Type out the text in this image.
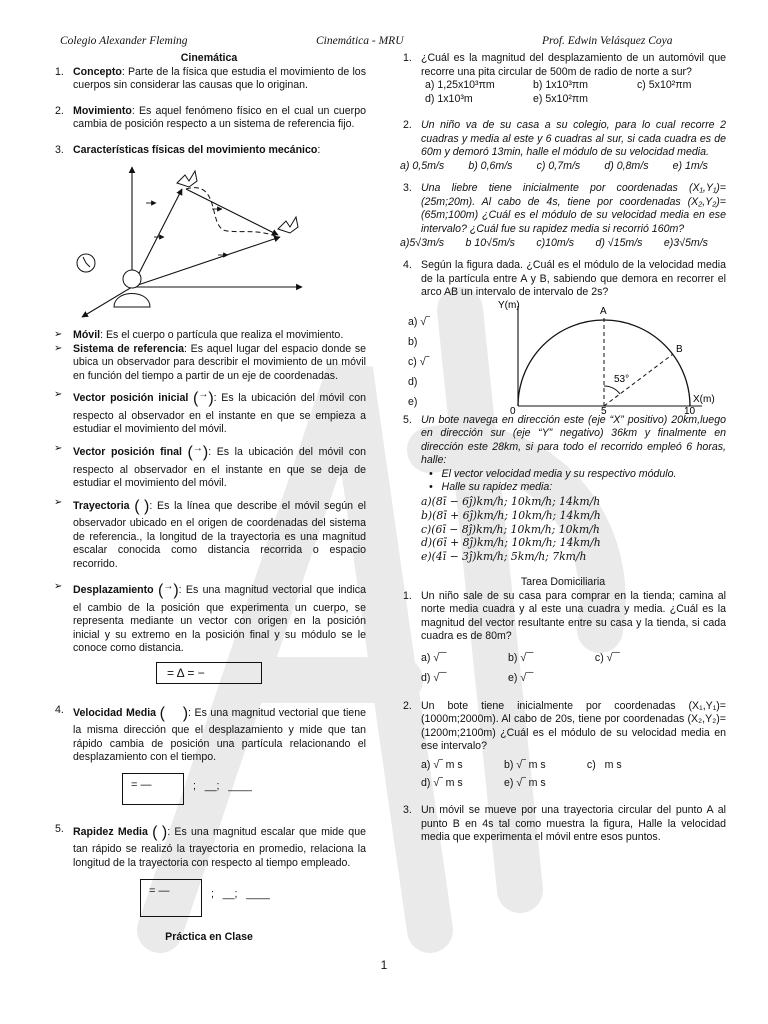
Colegio Alexander Fleming	Cinemática - MRU	Prof. Edwin Velásquez Coya
Cinemática
1. Concepto: Parte de la física que estudia el movimiento de los cuerpos sin considerar las causas que lo originan.
2. Movimiento: Es aquel fenómeno físico en el cual un cuerpo cambia de posición respecto a un sistema de referencia fijo.
3. Características físicas del movimiento mecánico:
➢ Móvil: Es el cuerpo o partícula que realiza el movimiento.
➢ Sistema de referencia: Es aquel lugar del espacio donde se ubica un observador para describir el movimiento de un móvil en función del tiempo a partir de un eje de coordenadas.
➢ Vector posición inicial (→): Es la ubicación del móvil con respecto al observador en el instante en que se empieza a estudiar el movimiento del móvil.
➢ Vector posición final (→): Es la ubicación del móvil con respecto al observador en el instante en que se deja de estudiar el movimiento del móvil.
➢ Trayectoria ( ): Es la línea que describe el móvil según el observador ubicado en el origen de coordenadas del sistema de referencia., la longitud de la trayectoria es una magnitud escalar conocida como distancia recorrida o espacio recorrido.
➢ Desplazamiento (→): Es una magnitud vectorial que indica el cambio de la posición que experimenta un cuerpo, se representa mediante un vector con origen en la posición inicial y su extremo en la posición final y su módulo se le conoce como distancia.
= Δ = −
4. Velocidad Media (    ): Es una magnitud vectorial que tiene la misma dirección que el desplazamiento y mide que tan rápido cambia de posición una partícula relacionando el desplazamiento con el tiempo.
= —	;   __;   ____
5. Rapidez Media ( ): Es una magnitud escalar que mide que tan rápido se realizó la trayectoria en promedio, relaciona la longitud de la trayectoria con respecto al tiempo empleado.
= —	;   __;   ____
Práctica en Clase
1. ¿Cuál es la magnitud del desplazamiento de un automóvil que recorre una pita circular de 500m de radio de norte a sur?
a) 1,25x10³πm	b) 1x10³πm	c) 5x10²πm
d) 1x10³m	e) 5x10²πm
2. Un niño va de su casa a su colegio, para lo cual recorre 2 cuadras y media al este y 6 cuadras al sur, si cada cuadra es de 60m y demoró 13min, halle el módulo de su velocidad media.
a) 0,5m/s b) 0,6m/s c) 0,7m/s d) 0,8m/s e) 1m/s
3. Una liebre tiene inicialmente por coordenadas (X₁,Y₁)=(25m;20m). Al cabo de 4s, tiene por coordenadas (X₂,Y₂)=(65m;100m) ¿Cuál es el módulo de su velocidad media en ese intervalo? ¿Cuál fue su rapidez media si recorrió 160m?
a)5√3m/s b 10√5m/s c)10m/s d) √15m/s e)3√5m/s
4. Según la figura dada. ¿Cuál es el módulo de la velocidad media de la partícula entre A y B, sabiendo que demora en recorrer el arco AB un intervalo de intervalo de 2s?
a) √‾
b)
c) √‾
d)
e)
Y(m)
X(m)
A
B
53°
0	5	10
5. Un bote navega en dirección este (eje “X” positivo) 20km,luego en dirección sur (eje “Y” negativo) 36km y finalmente en dirección este 28km, si para todo el recorrido empleó 6 horas, halle:
•   El vector velocidad media y su respectivo módulo.
•   Halle su rapidez media:
a)(8ī − 6ĵ)km/h; 10km/h; 14km/h
b)(8ī + 6ĵ)km/h; 10km/h; 14km/h
c)(6ī − 8ĵ)km/h; 10km/h; 10km/h
d)(6ī + 8ĵ)km/h; 10km/h; 14km/h
e)(4ī − 3ĵ)km/h; 5km/h; 7km/h
Tarea Domiciliaria
1. Un niño sale de su casa para comprar en la tienda; camina al norte media cuadra y al este una cuadra y media. ¿Cuál es la magnitud del vector resultante entre su casa y la tienda, si cada cuadra es de 80m?
a) √‾‾	b) √‾‾	c) √‾‾
d) √‾‾	e) √‾‾
2. Un bote tiene inicialmente por coordenadas (X₁,Y₁)=(1000m;2000m). Al cabo de 20s, tiene por coordenadas (X₂,Y₂)=(1200m;2100m) ¿Cuál es el módulo de su velocidad media en ese intervalo?
a) √‾ m s	b) √‾ m s	c) m s
d) √‾ m s	e) √‾ m s
3. Un móvil se mueve por una trayectoria circular del punto A al punto B en 4s tal como muestra la figura, Halle la velocidad media que experimenta el móvil entre esos puntos.
1
